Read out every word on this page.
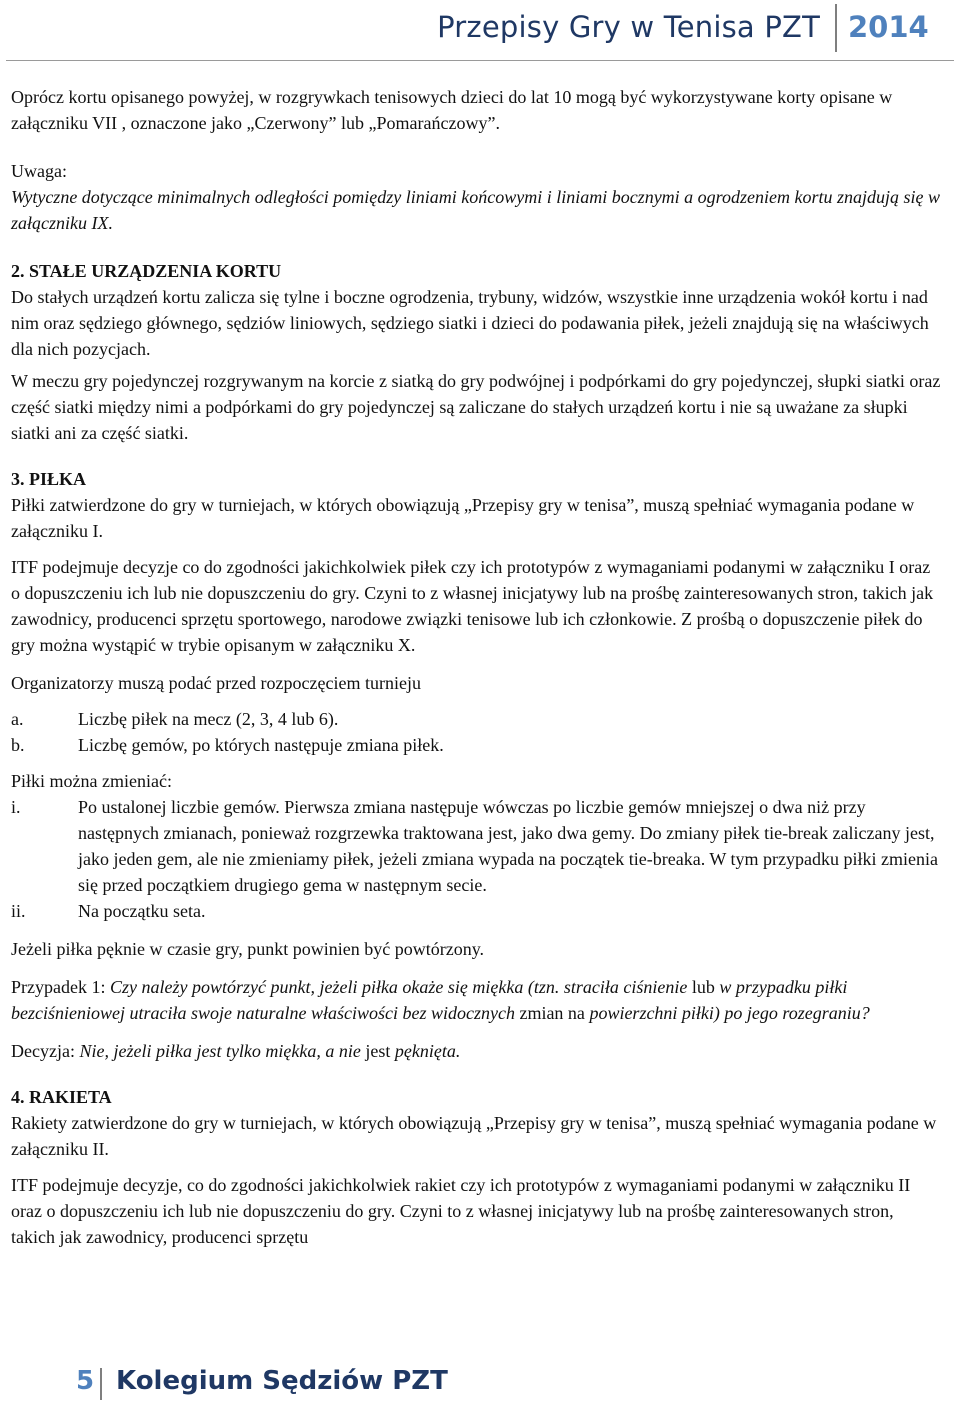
Przepisy Gry w Tenisa PZT 2014

Oprócz kortu opisanego powyżej, w rozgrywkach tenisowych dzieci do lat 10 mogą być wykorzystywane korty opisane w załączniku VII , oznaczone jako „Czerwony” lub „Pomarańczowy”.

Uwaga:

Wytyczne dotyczące minimalnych odległości pomiędzy liniami końcowymi i liniami bocznymi a ogrodzeniem kortu znajdują się w załączniku IX.

2. STAŁE URZĄDZENIA KORTU

Do stałych urządzeń kortu zalicza się tylne i boczne ogrodzenia, trybuny, widzów, wszystkie inne urządzenia wokół kortu i nad nim oraz sędziego głównego, sędziów liniowych, sędziego siatki i dzieci do podawania piłek, jeżeli znajdują się na właściwych dla nich pozycjach.

W meczu gry pojedynczej rozgrywanym na korcie z siatką do gry podwójnej i podpórkami do gry pojedynczej, słupki siatki oraz część siatki między nimi a podpórkami do gry pojedynczej są zaliczane do stałych urządzeń kortu i nie są uważane za słupki siatki ani za część siatki.

3. PIŁKA

Piłki zatwierdzone do gry w turniejach, w których obowiązują „Przepisy gry w tenisa”, muszą spełniać wymagania podane w załączniku I.

ITF podejmuje decyzje co do zgodności jakichkolwiek piłek czy ich prototypów z wymaganiami podanymi w załączniku I oraz o dopuszczeniu ich lub nie dopuszczeniu do gry. Czyni to z własnej inicjatywy lub na prośbę zainteresowanych stron, takich jak zawodnicy, producenci sprzętu sportowego, narodowe związki tenisowe lub ich członkowie. Z prośbą o dopuszczenie piłek do gry można wystąpić w trybie opisanym w załączniku X.

Organizatorzy muszą podać przed rozpoczęciem turnieju

a.	Liczbę piłek na mecz (2, 3, 4 lub 6).
b.	Liczbę gemów, po których następuje zmiana piłek.

Piłki można zmieniać:

i.	Po ustalonej liczbie gemów. Pierwsza zmiana następuje wówczas po liczbie gemów mniejszej o dwa niż przy następnych zmianach, ponieważ rozgrzewka traktowana jest, jako dwa gemy. Do zmiany piłek tie-break zaliczany jest, jako jeden gem, ale nie zmieniamy piłek, jeżeli zmiana wypada na początek tie-breaka. W tym przypadku piłki zmienia się przed początkiem drugiego gema w następnym secie.
ii.	Na początku seta.

Jeżeli piłka pęknie w czasie gry, punkt powinien być powtórzony.

Przypadek 1: Czy należy powtórzyć punkt, jeżeli piłka okaże się miękka (tzn. straciła ciśnienie lub w przypadku piłki bezciśnieniowej utraciła swoje naturalne właściwości bez widocznych zmian na powierzchni piłki) po jego rozegraniu?

Decyzja: Nie, jeżeli piłka jest tylko miękka, a nie jest pęknięta.

4. RAKIETA

Rakiety zatwierdzone do gry w turniejach, w których obowiązują „Przepisy gry w tenisa”, muszą spełniać wymagania podane w załączniku II.

ITF podejmuje decyzje, co do zgodności jakichkolwiek rakiet czy ich prototypów z wymaganiami podanymi w załączniku II oraz o dopuszczeniu ich lub nie dopuszczeniu do gry. Czyni to z własnej inicjatywy lub na prośbę zainteresowanych stron, takich jak zawodnicy, producenci sprzętu

5 Kolegium Sędziów PZT
